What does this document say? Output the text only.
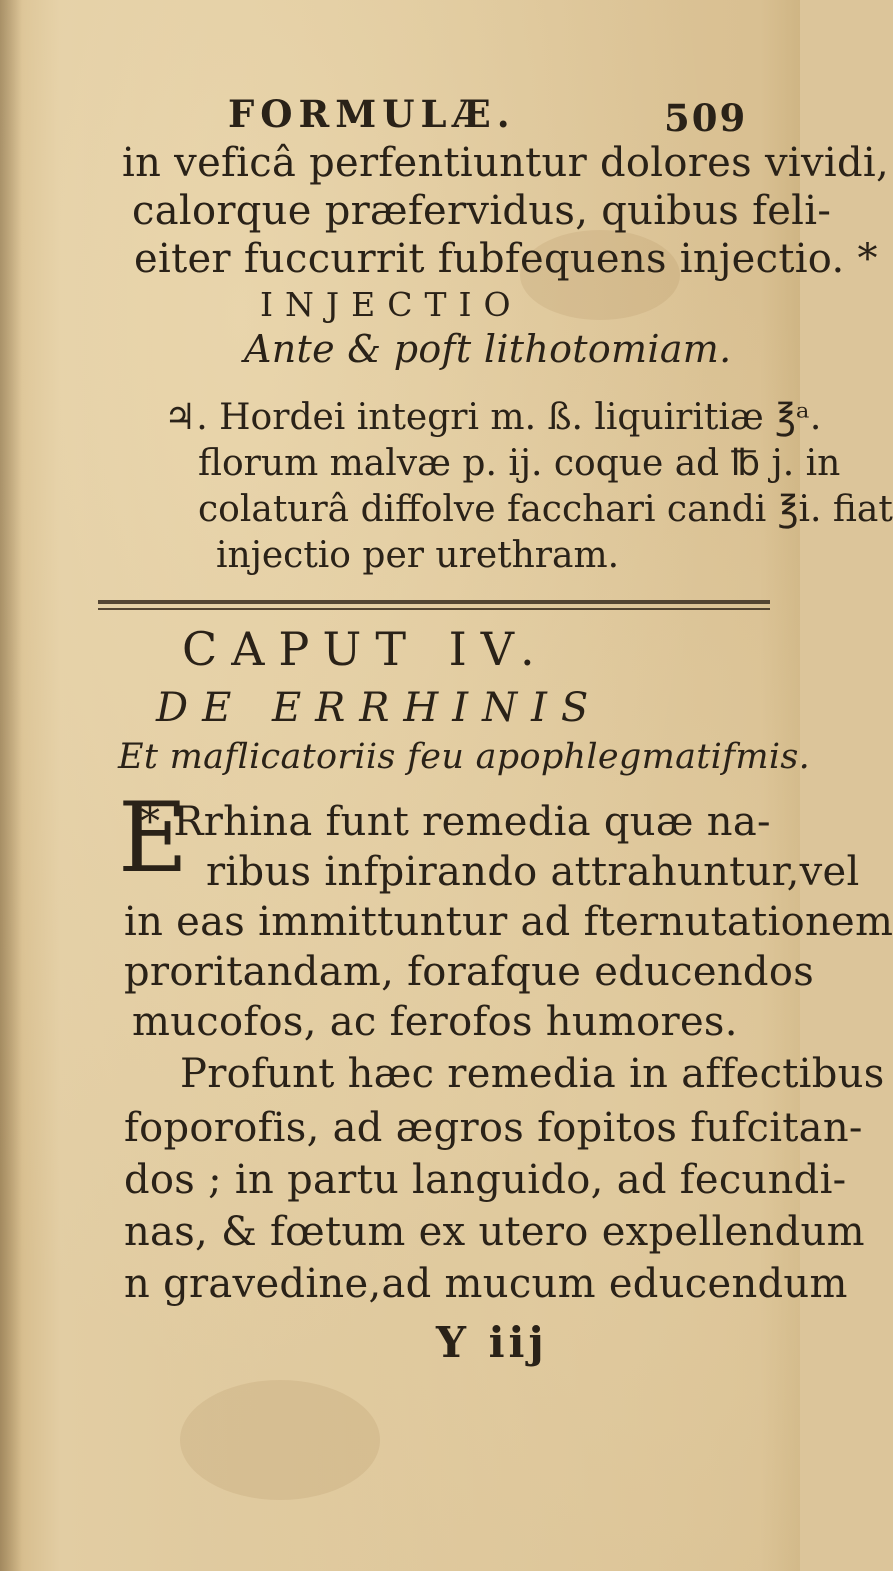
FORMULÆ.	509
in veficâ perfentiuntur dolores vividi,
calorque præfervidus, quibus feli-
eiter fuccurrit fubfequens injectio. *
INJECTIO
Ante & poft lithotomiam.
♃. Hordei integri m. ß. liquiritiæ ℥ᵃ.
florum malvæ p. ij. coque ad ℔ j. in
colaturâ diffolve facchari candi ℥i. fiat
injectio per urethram.
CAPUT IV.
DE ERRHINIS
Et maflicatoriis feu apophlegmatifmis.
E
* Rrhina funt remedia quæ na-
ribus infpirando attrahuntur,vel
in eas immittuntur ad fternutationem
proritandam, forafque educendos
mucofos, ac ferofos humores.
Profunt hæc remedia in affectibus
foporofis, ad ægros fopitos fufcitan-
dos ; in partu languido, ad fecundi-
nas, & fœtum ex utero expellendum
n gravedine,ad mucum educendum
Y iij
